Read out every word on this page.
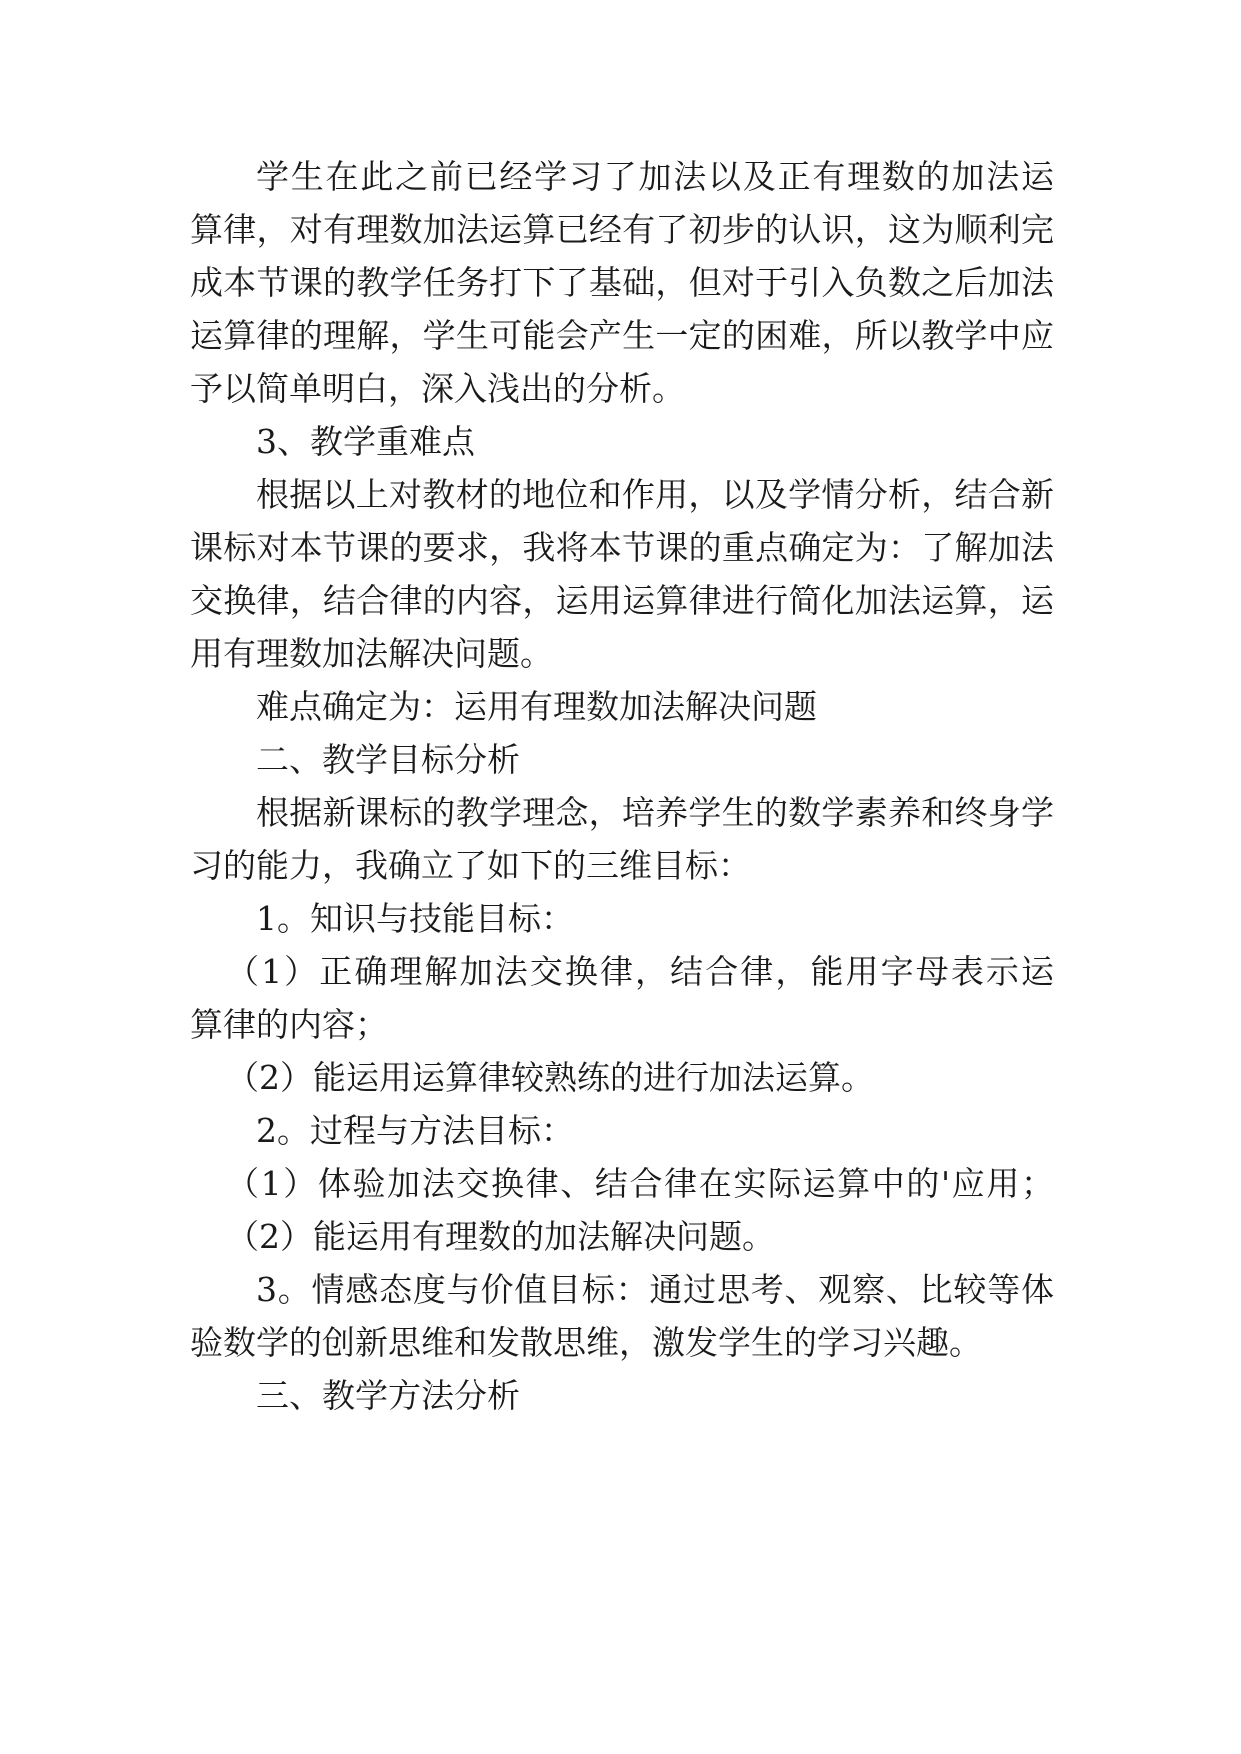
学生在此之前已经学习了加法以及正有理数的加法运
算律，对有理数加法运算已经有了初步的认识，这为顺利完
成本节课的教学任务打下了基础，但对于引入负数之后加法
运算律的理解，学生可能会产生一定的困难，所以教学中应
予以简单明白，深入浅出的分析。
3、教学重难点
根据以上对教材的地位和作用，以及学情分析，结合新
课标对本节课的要求，我将本节课的重点确定为：了解加法
交换律，结合律的内容，运用运算律进行简化加法运算，运
用有理数加法解决问题。
难点确定为：运用有理数加法解决问题
二、教学目标分析
根据新课标的教学理念，培养学生的数学素养和终身学
习的能力，我确立了如下的三维目标：
1。知识与技能目标：
（1）正确理解加法交换律，结合律，能用字母表示运
算律的内容；
（2）能运用运算律较熟练的进行加法运算。
2。过程与方法目标：
（1）体验加法交换律、结合律在实际运算中的'应用；
（2）能运用有理数的加法解决问题。
3。情感态度与价值目标：通过思考、观察、比较等体
验数学的创新思维和发散思维，激发学生的学习兴趣。
三、教学方法分析
